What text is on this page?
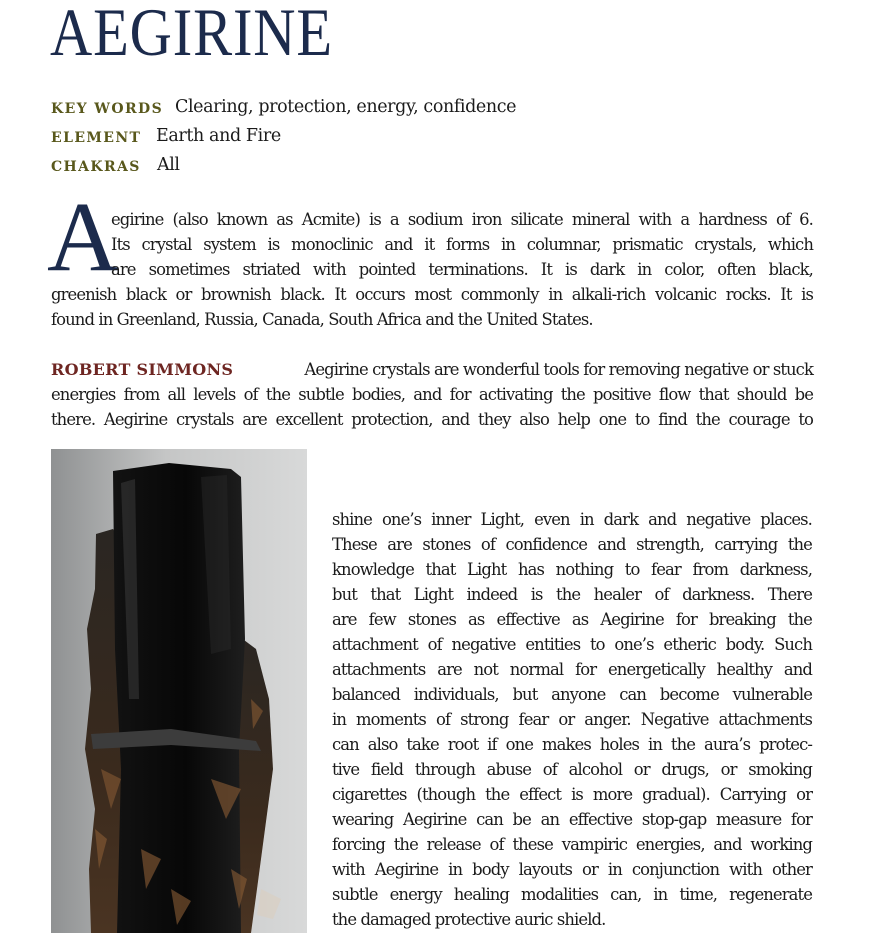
AEGIRINE
KEY WORDS Clearing, protection, energy, confidence
ELEMENT Earth and Fire
CHAKRAS All
A
egirine (also known as Acmite) is a sodium iron silicate mineral with a hardness of 6.
Its crystal system is monoclinic and it forms in columnar, prismatic crystals, which
are sometimes striated with pointed terminations. It is dark in color, often black,
greenish black or brownish black. It occurs most commonly in alkali-rich volcanic rocks. It is
found in Greenland, Russia, Canada, South Africa and the United States.
ROBERT SIMMONS	Aegirine crystals are wonderful tools for removing negative or stuck
energies from all levels of the subtle bodies, and for activating the positive flow that should be
there. Aegirine crystals are excellent protection, and they also help one to find the courage to
shine one’s inner Light, even in dark and negative places.
These are stones of confidence and strength, carrying the
knowledge that Light has nothing to fear from darkness,
but that Light indeed is the healer of darkness. There
are few stones as effective as Aegirine for breaking the
attachment of negative entities to one’s etheric body. Such
attachments are not normal for energetically healthy and
balanced individuals, but anyone can become vulnerable
in moments of strong fear or anger. Negative attachments
can also take root if one makes holes in the aura’s protec-
tive field through abuse of alcohol or drugs, or smoking
cigarettes (though the effect is more gradual). Carrying or
wearing Aegirine can be an effective stop-gap measure for
forcing the release of these vampiric energies, and working
with Aegirine in body layouts or in conjunction with other
subtle energy healing modalities can, in time, regenerate
the damaged protective auric shield.
